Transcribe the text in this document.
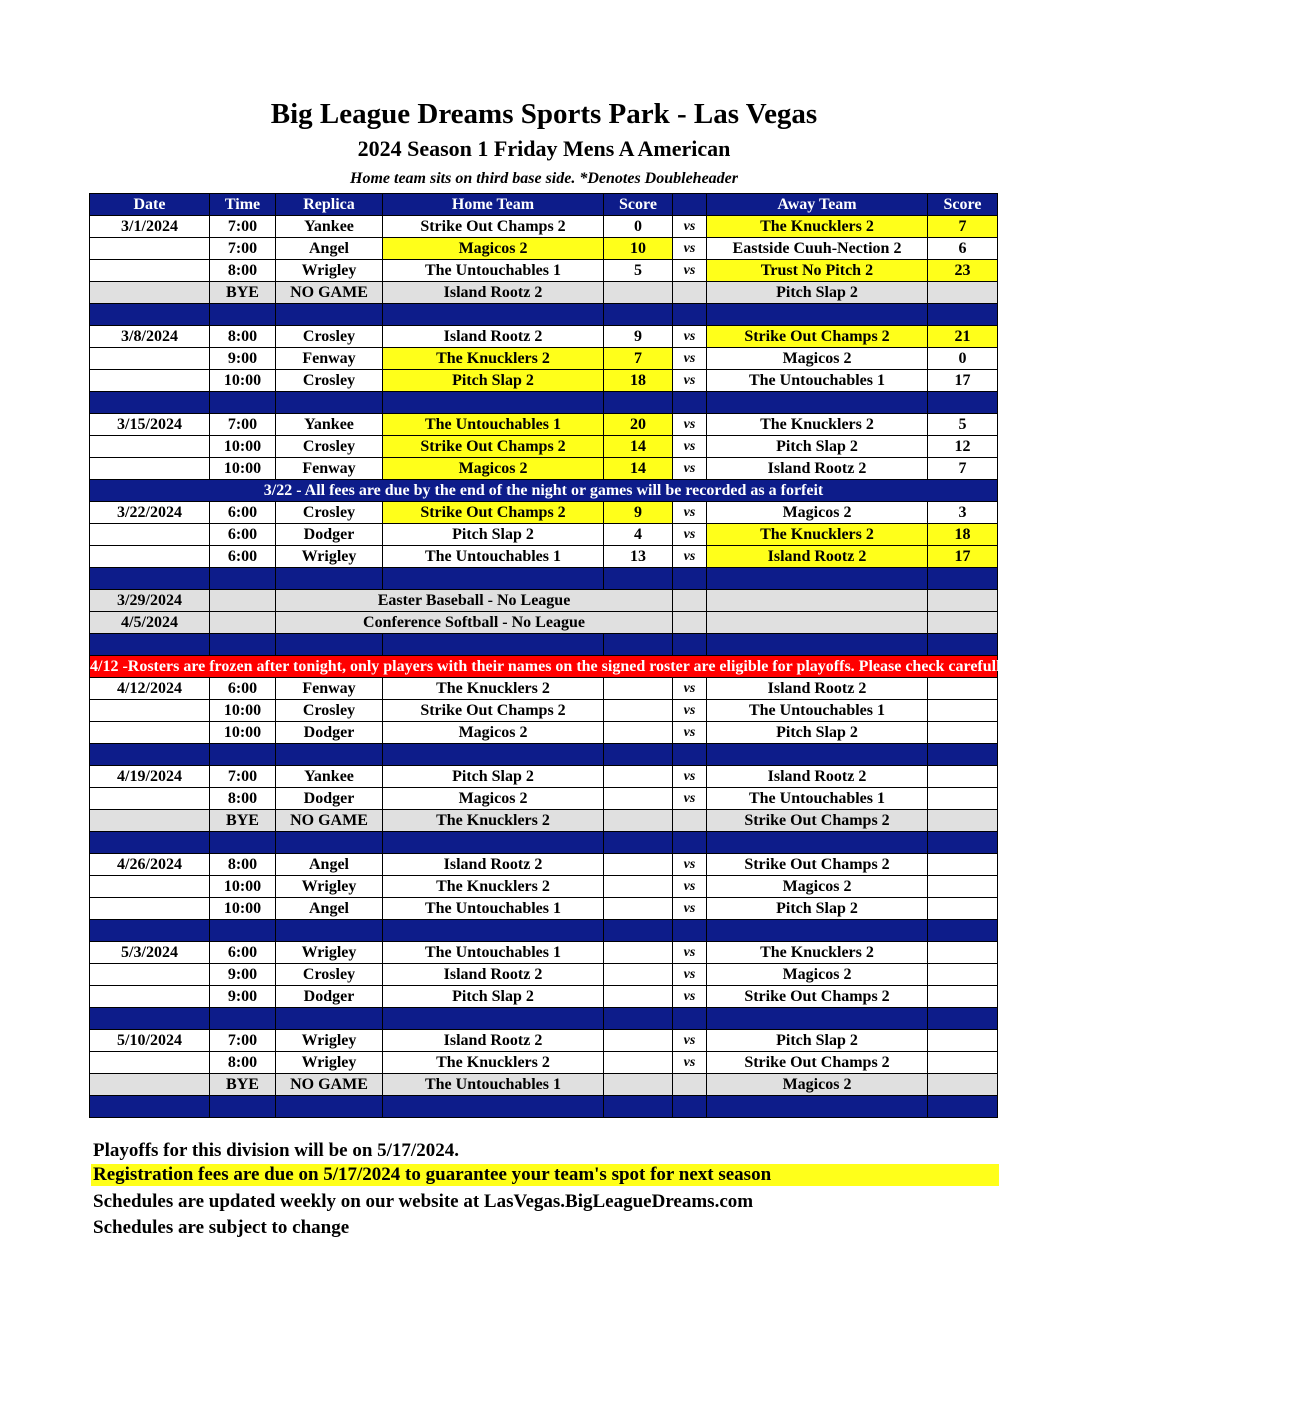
Big League Dreams Sports Park - Las Vegas
2024 Season 1 Friday Mens A American
Home team sits on third base side. *Denotes Doubleheader
Date	Time	Replica	Home Team	Score		Away Team	Score
3/1/2024	7:00	Yankee	Strike Out Champs 2	0	vs	The Knucklers 2	7
	7:00	Angel	Magicos 2	10	vs	Eastside Cuuh-Nection 2	6
	8:00	Wrigley	The Untouchables 1	5	vs	Trust No Pitch 2	23
	BYE	NO GAME	Island Rootz 2			Pitch Slap 2	

3/8/2024	8:00	Crosley	Island Rootz 2	9	vs	Strike Out Champs 2	21
	9:00	Fenway	The Knucklers 2	7	vs	Magicos 2	0
	10:00	Crosley	Pitch Slap 2	18	vs	The Untouchables 1	17

3/15/2024	7:00	Yankee	The Untouchables 1	20	vs	The Knucklers 2	5
	10:00	Crosley	Strike Out Champs 2	14	vs	Pitch Slap 2	12
	10:00	Fenway	Magicos 2	14	vs	Island Rootz 2	7
3/22 - All fees are due by the end of the night or games will be recorded as a forfeit							
3/22/2024	6:00	Crosley	Strike Out Champs 2	9	vs	Magicos 2	3
	6:00	Dodger	Pitch Slap 2	4	vs	The Knucklers 2	18
	6:00	Wrigley	The Untouchables 1	13	vs	Island Rootz 2	17

3/29/2024		Easter Baseball - No League					
4/5/2024		Conference Softball - No League					

4/12 -Rosters are frozen after tonight, only players with their names on the signed roster are eligible for playoffs. Please check carefully as changes will not be made for omissions.							
4/12/2024	6:00	Fenway	The Knucklers 2		vs	Island Rootz 2	
	10:00	Crosley	Strike Out Champs 2		vs	The Untouchables 1	
	10:00	Dodger	Magicos 2		vs	Pitch Slap 2	

4/19/2024	7:00	Yankee	Pitch Slap 2		vs	Island Rootz 2	
	8:00	Dodger	Magicos 2		vs	The Untouchables 1	
	BYE	NO GAME	The Knucklers 2			Strike Out Champs 2	

4/26/2024	8:00	Angel	Island Rootz 2		vs	Strike Out Champs 2	
	10:00	Wrigley	The Knucklers 2		vs	Magicos 2	
	10:00	Angel	The Untouchables 1		vs	Pitch Slap 2	

5/3/2024	6:00	Wrigley	The Untouchables 1		vs	The Knucklers 2	
	9:00	Crosley	Island Rootz 2		vs	Magicos 2	
	9:00	Dodger	Pitch Slap 2		vs	Strike Out Champs 2	

5/10/2024	7:00	Wrigley	Island Rootz 2		vs	Pitch Slap 2	
	8:00	Wrigley	The Knucklers 2		vs	Strike Out Champs 2	
	BYE	NO GAME	The Untouchables 1			Magicos 2	

Playoffs for this division will be on 5/17/2024.
Registration fees are due on 5/17/2024 to guarantee your team's spot for next season
Schedules are updated weekly on our website at LasVegas.BigLeagueDreams.com
Schedules are subject to change
